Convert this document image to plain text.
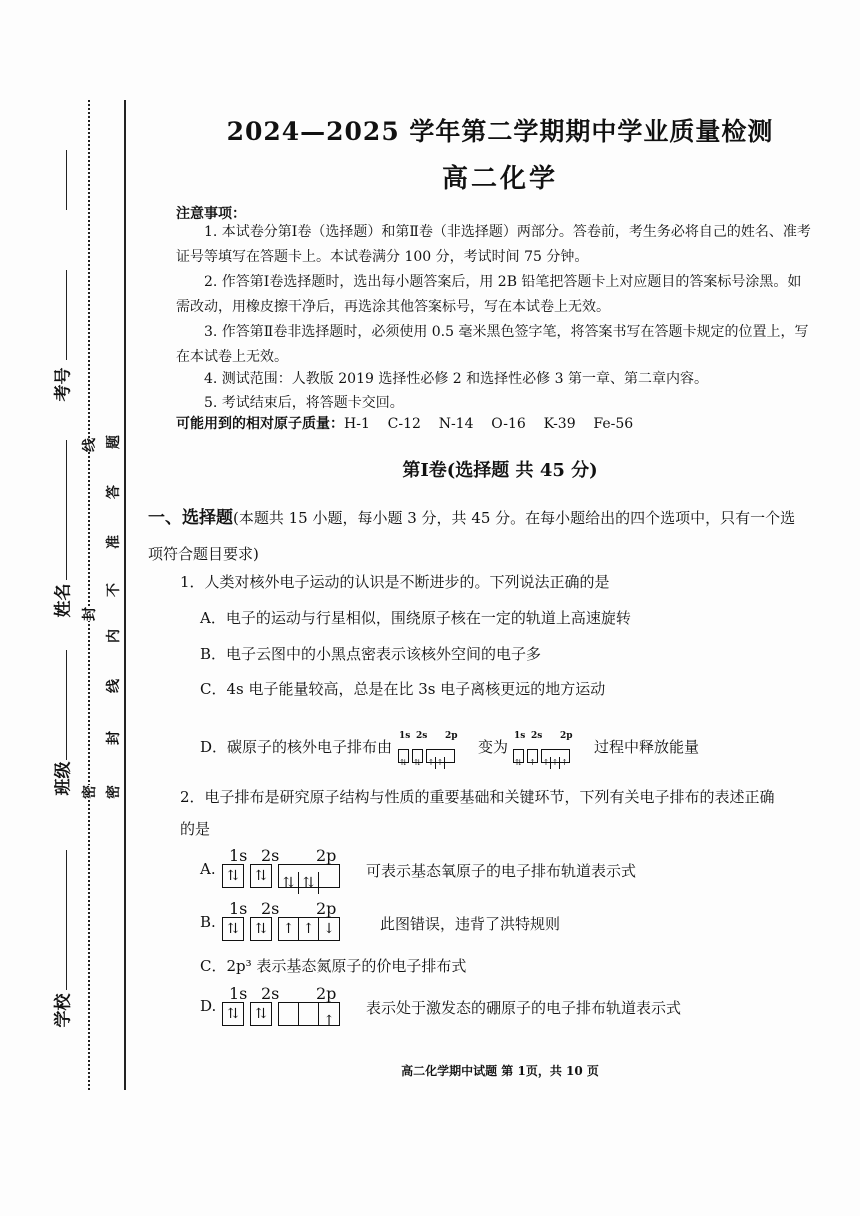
考号
姓名
班级
学校
题
答
准
不
内
线
封
密
线
封
密
2024—2025 学年第二学期期中学业质量检测
高二化学
注意事项：
1. 本试卷分第Ⅰ卷（选择题）和第Ⅱ卷（非选择题）两部分。答卷前，考生务必将自己的姓名、准考证号等填写在答题卡上。本试卷满分 100 分，考试时间 75 分钟。
2. 作答第Ⅰ卷选择题时，选出每小题答案后，用 2B 铅笔把答题卡上对应题目的答案标号涂黑。如需改动，用橡皮擦干净后，再选涂其他答案标号，写在本试卷上无效。
3. 作答第Ⅱ卷非选择题时，必须使用 0.5 毫米黑色签字笔，将答案书写在答题卡规定的位置上，写在本试卷上无效。
4. 测试范围：人教版 2019 选择性必修 2 和选择性必修 3 第一章、第二章内容。
5. 考试结束后，将答题卡交回。
可能用到的相对原子质量：H-1    C-12    N-14    O-16    K-39    Fe-56
第Ⅰ卷(选择题 共 45 分)
一、选择题(本题共 15 小题，每小题 3 分，共 45 分。在每小题给出的四个选项中，只有一个选项符合题目要求)
1．人类对核外电子运动的认识是不断进步的。下列说法正确的是
A．电子的运动与行星相似，围绕原子核在一定的轨道上高速旋转
B．电子云图中的小黑点密表示该核外空间的电子多
C．4s 电子能量较高，总是在比 3s 电子离核更远的地方运动
D．碳原子的核外电子排布由
1s 2s 2p
⇅ ⇅ ↑ ↑
变为
1s 2s 2p
⇅ ↑ ↑ ↑ ↑
过程中释放能量
2．电子排布是研究原子结构与性质的重要基础和关键环节，下列有关电子排布的表述正确
的是
1s 2s 2p
A. ⇅ ⇅ ⇅ ⇅
可表示基态氧原子的电子排布轨道表示式
1s 2s 2p
B. ⇅ ⇅ ↑ ↑ ↓	此图错误，违背了洪特规则
C．2p³ 表示基态氮原子的价电子排布式
1s 2s 2p
D. ⇅ ⇅	↑
表示处于激发态的硼原子的电子排布轨道表示式
高二化学期中试题 第 1页，共 10 页
